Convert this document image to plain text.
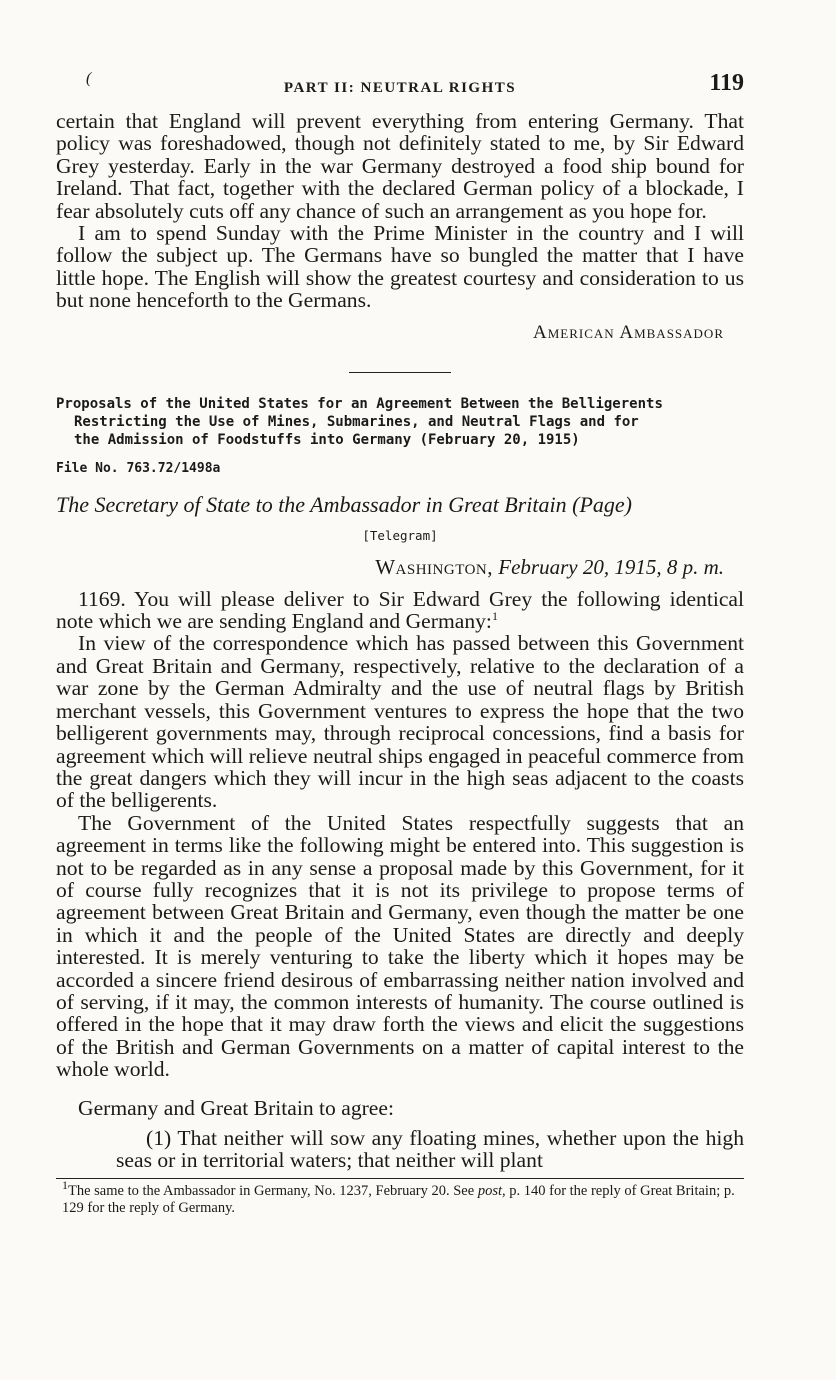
(
PART II: NEUTRAL RIGHTS	119

certain that England will prevent everything from entering Germany. That policy was foreshadowed, though not definitely stated to me, by Sir Edward Grey yesterday. Early in the war Germany destroyed a food ship bound for Ireland. That fact, together with the declared German policy of a blockade, I fear absolutely cuts off any chance of such an arrangement as you hope for.

I am to spend Sunday with the Prime Minister in the country and I will follow the subject up. The Germans have so bungled the matter that I have little hope. The English will show the greatest courtesy and consideration to us but none henceforth to the Germans.

American Ambassador
Proposals of the United States for an Agreement Between the Belligerents
Restricting the Use of Mines, Submarines, and Neutral Flags and for
the Admission of Foodstuffs into Germany (February 20, 1915)
File No. 763.72/1498a
The Secretary of State to the Ambassador in Great Britain (Page)
[Telegram]
Washington, February 20, 1915, 8 p. m.

1169. You will please deliver to Sir Edward Grey the following identical note which we are sending England and Germany:$^1$

In view of the correspondence which has passed between this Government and Great Britain and Germany, respectively, relative to the declaration of a war zone by the German Admiralty and the use of neutral flags by British merchant vessels, this Government ventures to express the hope that the two belligerent governments may, through reciprocal concessions, find a basis for agreement which will relieve neutral ships engaged in peaceful commerce from the great dangers which they will incur in the high seas adjacent to the coasts of the belligerents.

The Government of the United States respectfully suggests that an agreement in terms like the following might be entered into. This suggestion is not to be regarded as in any sense a proposal made by this Government, for it of course fully recognizes that it is not its privilege to propose terms of agreement between Great Britain and Germany, even though the matter be one in which it and the people of the United States are directly and deeply interested. It is merely venturing to take the liberty which it hopes may be accorded a sincere friend desirous of embarrassing neither nation involved and of serving, if it may, the common interests of humanity. The course outlined is offered in the hope that it may draw forth the views and elicit the suggestions of the British and German Governments on a matter of capital interest to the whole world.

Germany and Great Britain to agree:

(1) That neither will sow any floating mines, whether upon the high seas or in territorial waters; that neither will plant

$^1$The same to the Ambassador in Germany, No. 1237, February 20. See post, p. 140 for the reply of Great Britain; p. 129 for the reply of Germany.
